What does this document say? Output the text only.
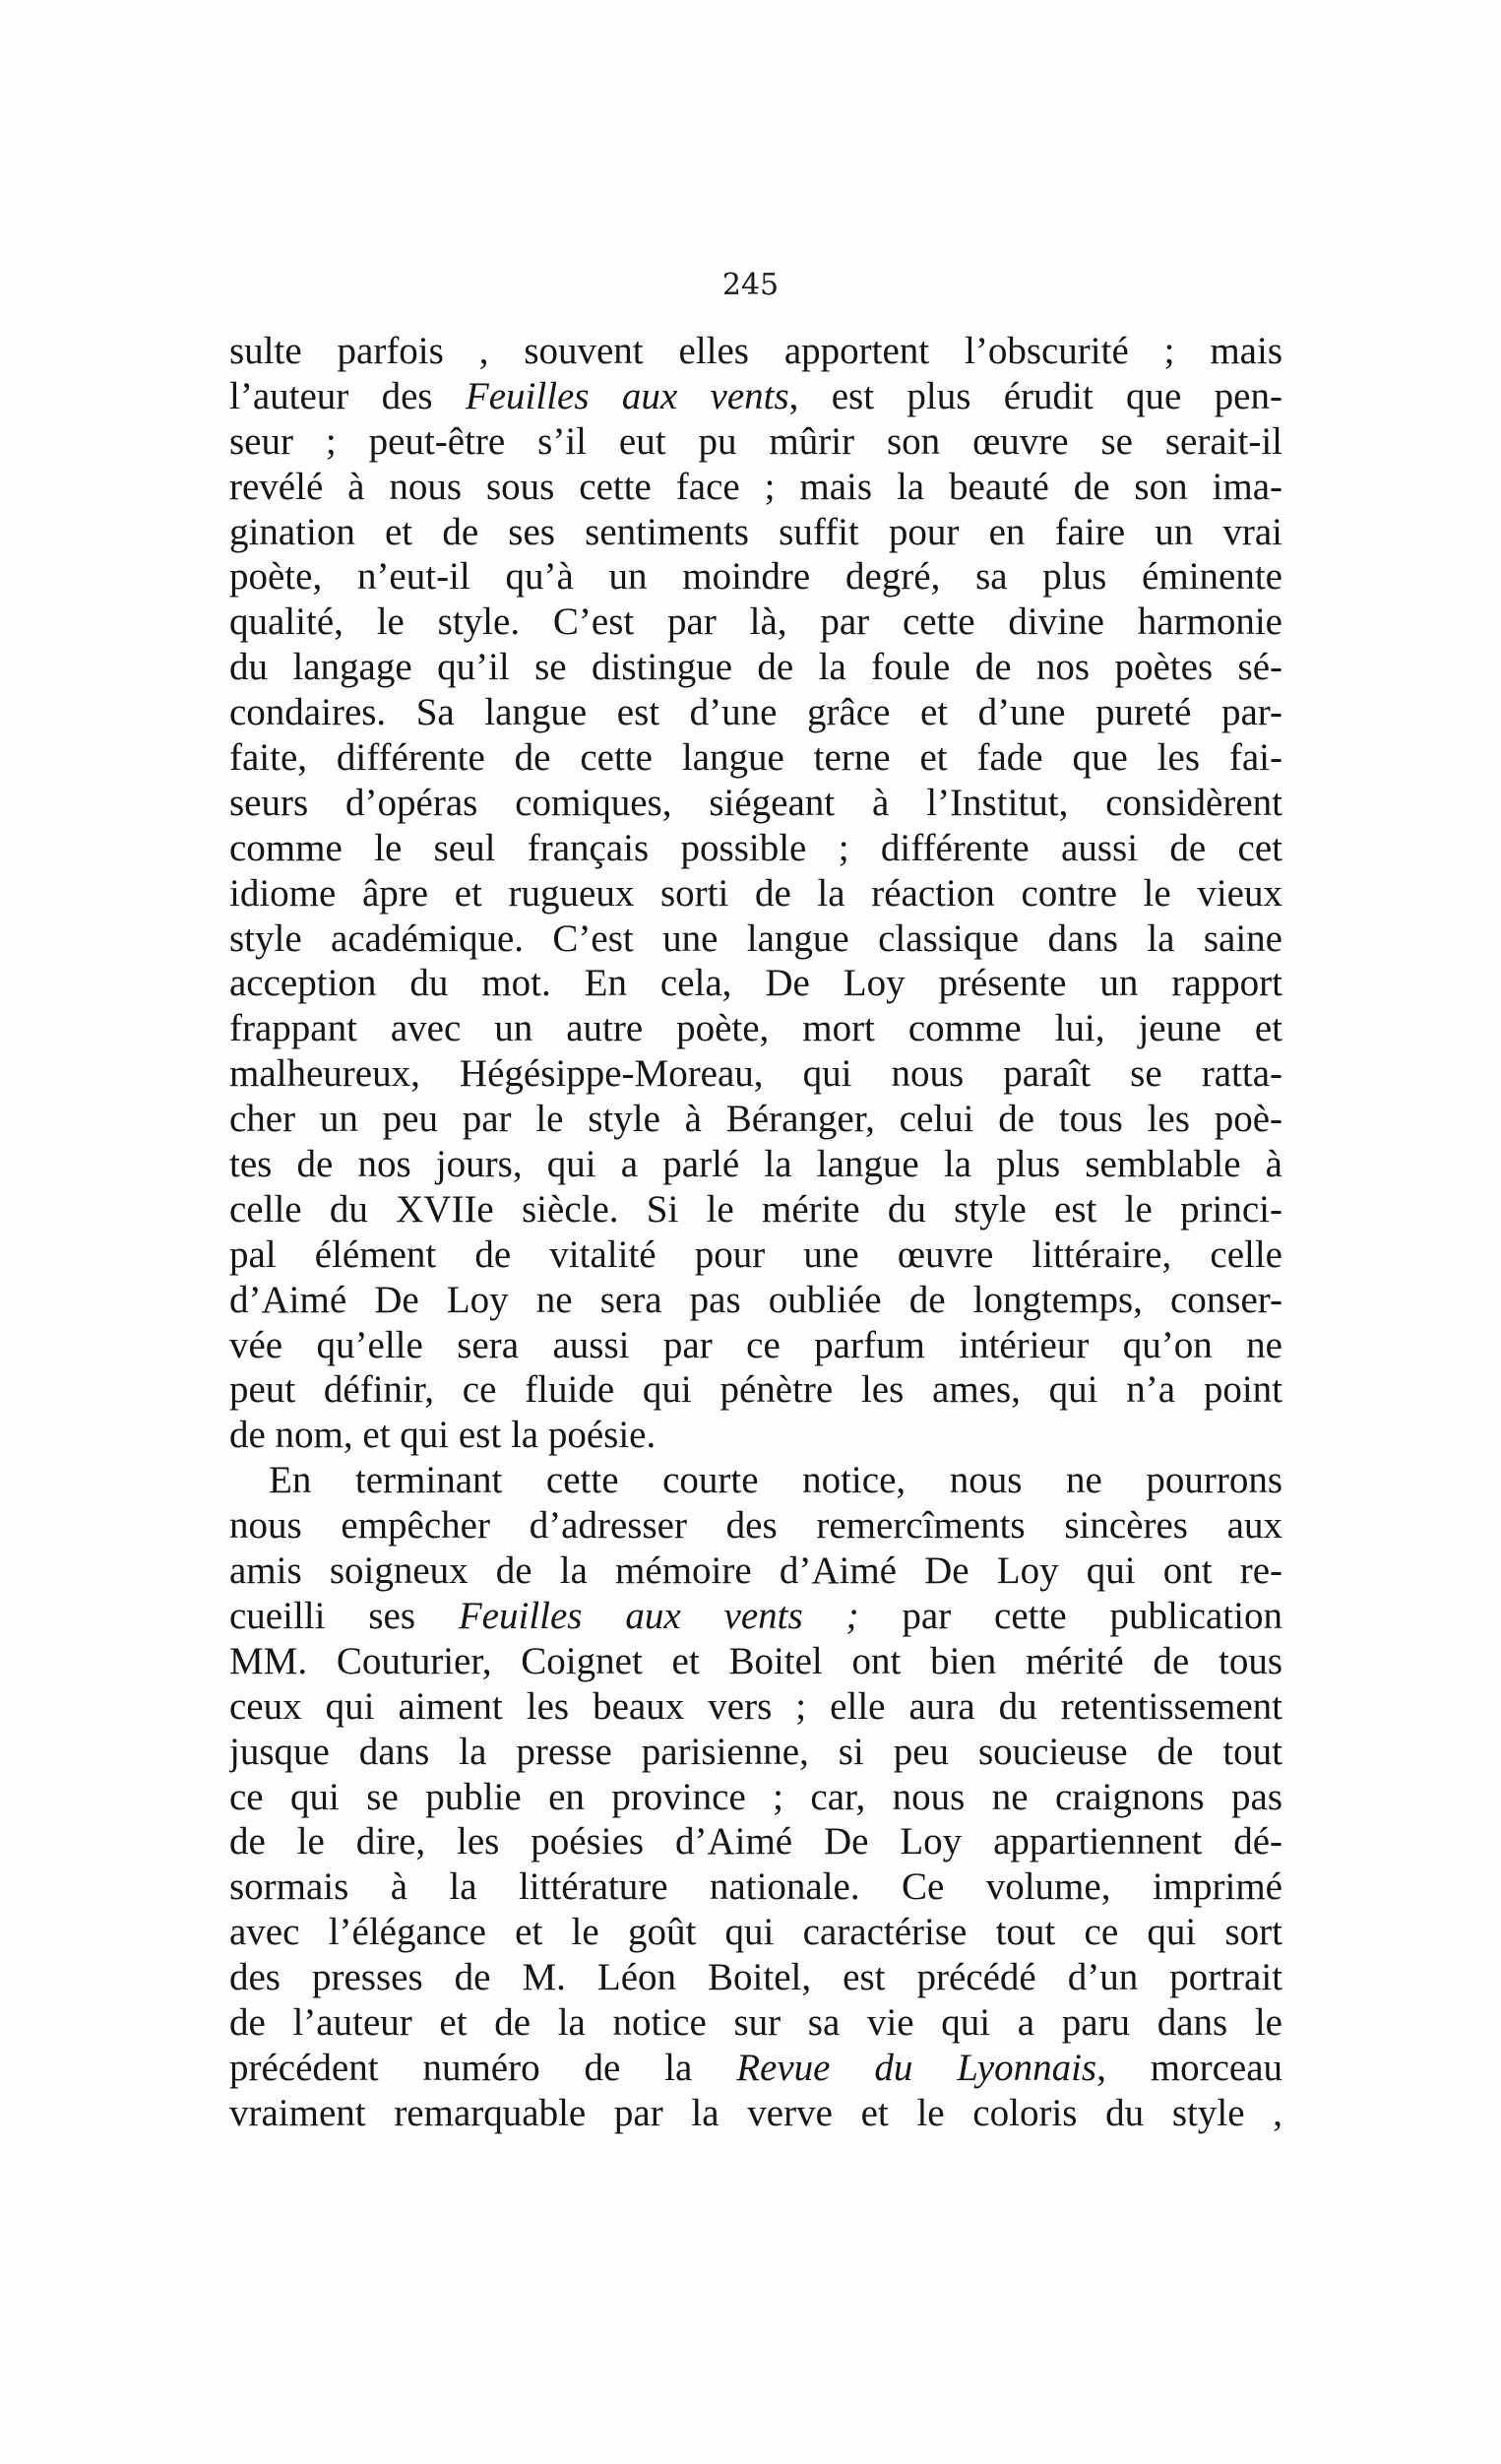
245
sulte parfois , souvent elles apportent l’obscurité ; mais
l’auteur des Feuilles aux vents, est plus érudit que pen-
seur ; peut-être s’il eut pu mûrir son œuvre se serait-il
revélé à nous sous cette face ; mais la beauté de son ima-
gination et de ses sentiments suffit pour en faire un vrai
poète, n’eut-il qu’à un moindre degré, sa plus éminente
qualité, le style. C’est par là, par cette divine harmonie
du langage qu’il se distingue de la foule de nos poètes sé-
condaires. Sa langue est d’une grâce et d’une pureté par-
faite, différente de cette langue terne et fade que les fai-
seurs d’opéras comiques, siégeant à l’Institut, considèrent
comme le seul français possible ; différente aussi de cet
idiome âpre et rugueux sorti de la réaction contre le vieux
style académique. C’est une langue classique dans la saine
acception du mot. En cela, De Loy présente un rapport
frappant avec un autre poète, mort comme lui, jeune et
malheureux, Hégésippe-Moreau, qui nous paraît se ratta-
cher un peu par le style à Béranger, celui de tous les poè-
tes de nos jours, qui a parlé la langue la plus semblable à
celle du XVIIe siècle. Si le mérite du style est le princi-
pal élément de vitalité pour une œuvre littéraire, celle
d’Aimé De Loy ne sera pas oubliée de longtemps, conser-
vée qu’elle sera aussi par ce parfum intérieur qu’on ne
peut définir, ce fluide qui pénètre les ames, qui n’a point
de nom, et qui est la poésie.
En terminant cette courte notice, nous ne pourrons
nous empêcher d’adresser des remercîments sincères aux
amis soigneux de la mémoire d’Aimé De Loy qui ont re-
cueilli ses Feuilles aux vents ; par cette publication
MM. Couturier, Coignet et Boitel ont bien mérité de tous
ceux qui aiment les beaux vers ; elle aura du retentissement
jusque dans la presse parisienne, si peu soucieuse de tout
ce qui se publie en province ; car, nous ne craignons pas
de le dire, les poésies d’Aimé De Loy appartiennent dé-
sormais à la littérature nationale. Ce volume, imprimé
avec l’élégance et le goût qui caractérise tout ce qui sort
des presses de M. Léon Boitel, est précédé d’un portrait
de l’auteur et de la notice sur sa vie qui a paru dans le
précédent numéro de la Revue du Lyonnais, morceau
vraiment remarquable par la verve et le coloris du style ,
